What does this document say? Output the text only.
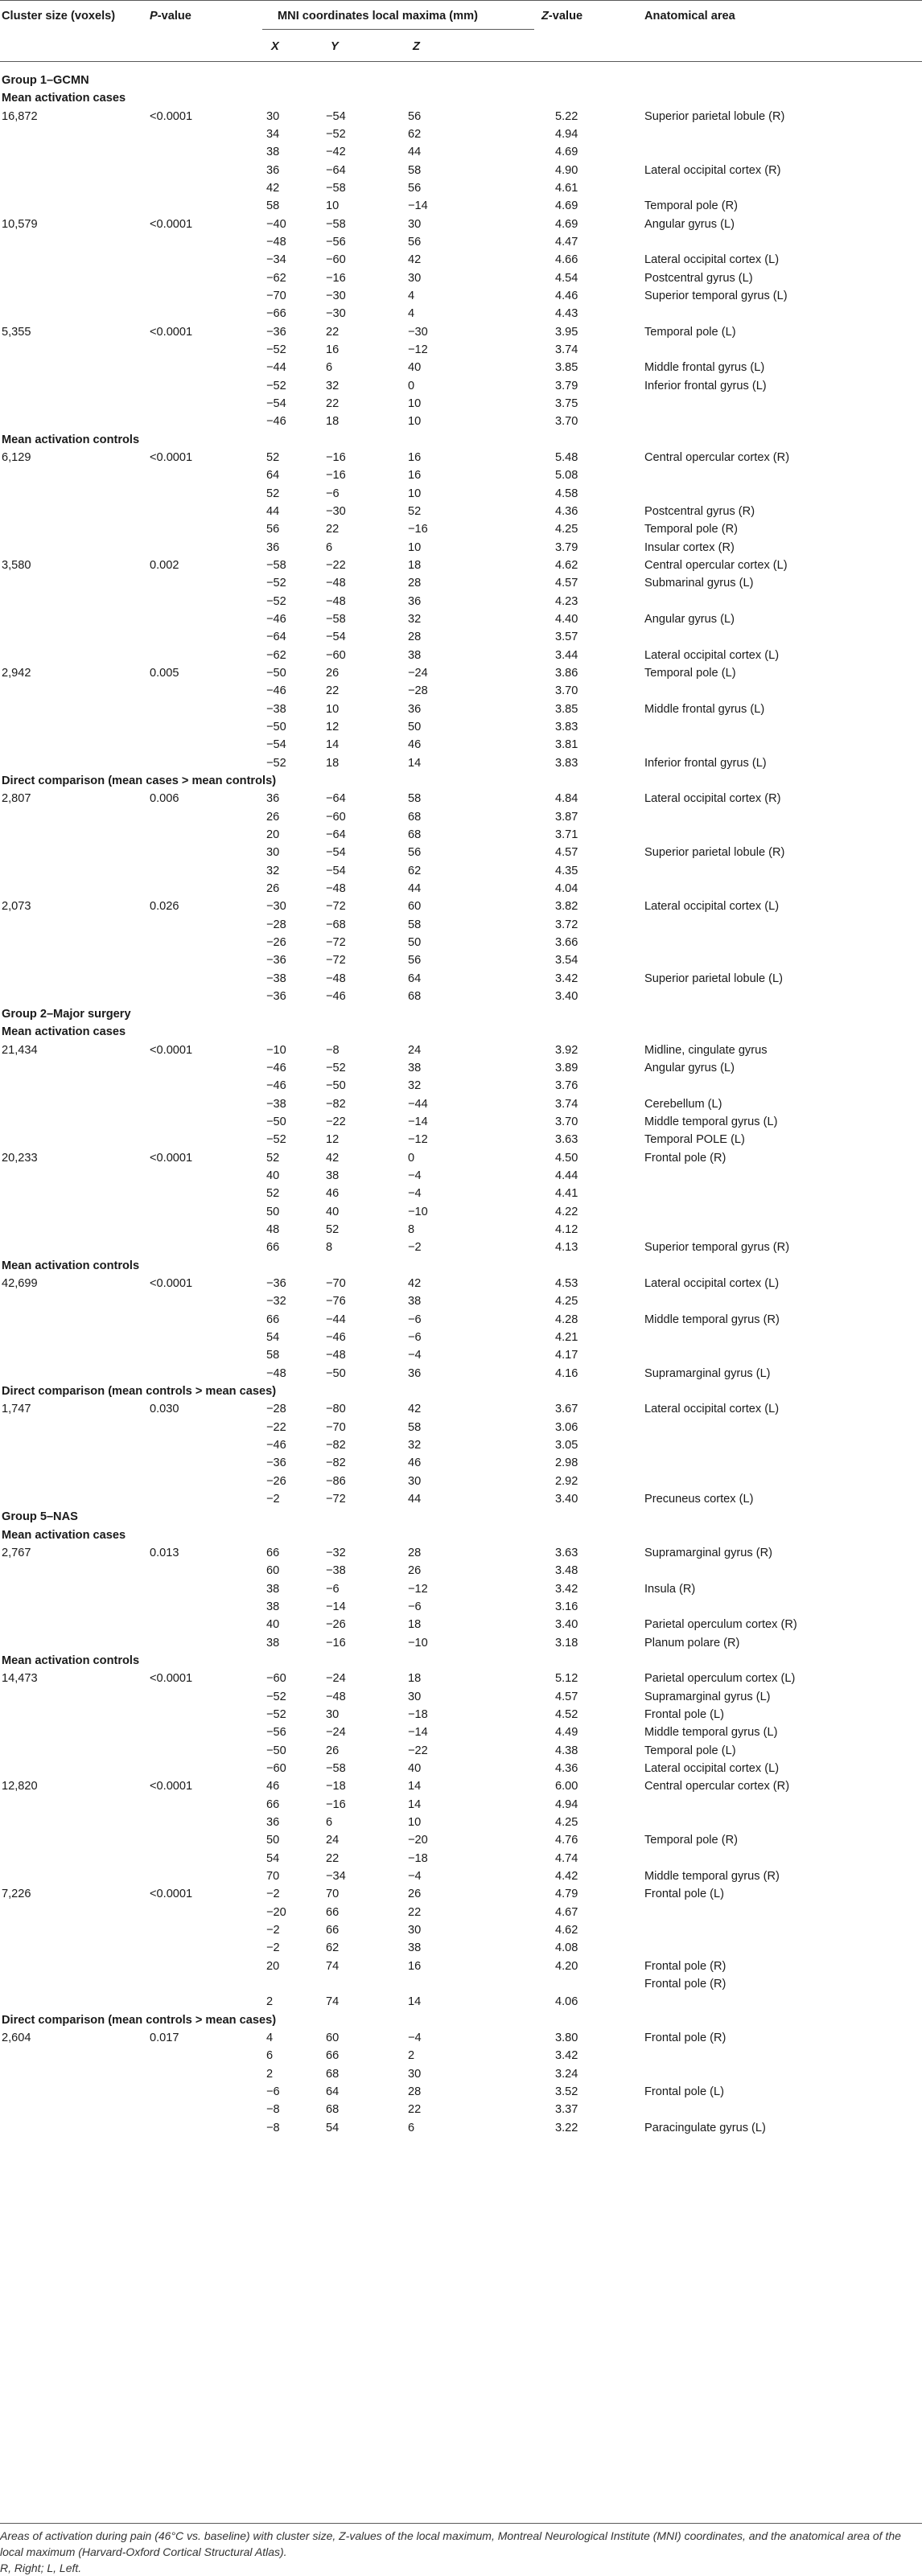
Cluster size (voxels)	P-value	MNI coordinates local maxima (mm)	Z-value	Anatomical area
X	Y	Z
Group 1–GCMN
Mean activation cases
16,872	<0.0001	30	−54	56	5.22	Superior parietal lobule (R)
34	−52	62	4.94
38	−42	44	4.69
36	−64	58	4.90	Lateral occipital cortex (R)
42	−58	56	4.61
58	10	−14	4.69	Temporal pole (R)
10,579	<0.0001	−40	−58	30	4.69	Angular gyrus (L)
−48	−56	56	4.47
−34	−60	42	4.66	Lateral occipital cortex (L)
−62	−16	30	4.54	Postcentral gyrus (L)
−70	−30	4	4.46	Superior temporal gyrus (L)
−66	−30	4	4.43
5,355	<0.0001	−36	22	−30	3.95	Temporal pole (L)
−52	16	−12	3.74
−44	6	40	3.85	Middle frontal gyrus (L)
−52	32	0	3.79	Inferior frontal gyrus (L)
−54	22	10	3.75
−46	18	10	3.70
Mean activation controls
6,129	<0.0001	52	−16	16	5.48	Central opercular cortex (R)
64	−16	16	5.08
52	−6	10	4.58
44	−30	52	4.36	Postcentral gyrus (R)
56	22	−16	4.25	Temporal pole (R)
36	6	10	3.79	Insular cortex (R)
3,580	0.002	−58	−22	18	4.62	Central opercular cortex (L)
−52	−48	28	4.57	Submarinal gyrus (L)
−52	−48	36	4.23
−46	−58	32	4.40	Angular gyrus (L)
−64	−54	28	3.57
−62	−60	38	3.44	Lateral occipital cortex (L)
2,942	0.005	−50	26	−24	3.86	Temporal pole (L)
−46	22	−28	3.70
−38	10	36	3.85	Middle frontal gyrus (L)
−50	12	50	3.83
−54	14	46	3.81
−52	18	14	3.83	Inferior frontal gyrus (L)
Direct comparison (mean cases > mean controls)
2,807	0.006	36	−64	58	4.84	Lateral occipital cortex (R)
26	−60	68	3.87
20	−64	68	3.71
30	−54	56	4.57	Superior parietal lobule (R)
32	−54	62	4.35
26	−48	44	4.04
2,073	0.026	−30	−72	60	3.82	Lateral occipital cortex (L)
−28	−68	58	3.72
−26	−72	50	3.66
−36	−72	56	3.54
−38	−48	64	3.42	Superior parietal lobule (L)
−36	−46	68	3.40
Group 2–Major surgery
Mean activation cases
21,434	<0.0001	−10	−8	24	3.92	Midline, cingulate gyrus
−46	−52	38	3.89	Angular gyrus (L)
−46	−50	32	3.76
−38	−82	−44	3.74	Cerebellum (L)
−50	−22	−14	3.70	Middle temporal gyrus (L)
−52	12	−12	3.63	Temporal POLE (L)
20,233	<0.0001	52	42	0	4.50	Frontal pole (R)
40	38	−4	4.44
52	46	−4	4.41
50	40	−10	4.22
48	52	8	4.12
66	8	−2	4.13	Superior temporal gyrus (R)
Mean activation controls
42,699	<0.0001	−36	−70	42	4.53	Lateral occipital cortex (L)
−32	−76	38	4.25
66	−44	−6	4.28	Middle temporal gyrus (R)
54	−46	−6	4.21
58	−48	−4	4.17
−48	−50	36	4.16	Supramarginal gyrus (L)
Direct comparison (mean controls > mean cases)
1,747	0.030	−28	−80	42	3.67	Lateral occipital cortex (L)
−22	−70	58	3.06
−46	−82	32	3.05
−36	−82	46	2.98
−26	−86	30	2.92
−2	−72	44	3.40	Precuneus cortex (L)
Group 5–NAS
Mean activation cases
2,767	0.013	66	−32	28	3.63	Supramarginal gyrus (R)
60	−38	26	3.48
38	−6	−12	3.42	Insula (R)
38	−14	−6	3.16
40	−26	18	3.40	Parietal operculum cortex (R)
38	−16	−10	3.18	Planum polare (R)
Mean activation controls
14,473	<0.0001	−60	−24	18	5.12	Parietal operculum cortex (L)
−52	−48	30	4.57	Supramarginal gyrus (L)
−52	30	−18	4.52	Frontal pole (L)
−56	−24	−14	4.49	Middle temporal gyrus (L)
−50	26	−22	4.38	Temporal pole (L)
−60	−58	40	4.36	Lateral occipital cortex (L)
12,820	<0.0001	46	−18	14	6.00	Central opercular cortex (R)
66	−16	14	4.94
36	6	10	4.25
50	24	−20	4.76	Temporal pole (R)
54	22	−18	4.74
70	−34	−4	4.42	Middle temporal gyrus (R)
7,226	<0.0001	−2	70	26	4.79	Frontal pole (L)
−20	66	22	4.67
−2	66	30	4.62
−2	62	38	4.08
20	74	16	4.20	Frontal pole (R)
Frontal pole (R)
2	74	14	4.06
Direct comparison (mean controls > mean cases)
2,604	0.017	4	60	−4	3.80	Frontal pole (R)
6	66	2	3.42
2	68	30	3.24
−6	64	28	3.52	Frontal pole (L)
−8	68	22	3.37
−8	54	6	3.22	Paracingulate gyrus (L)
Areas of activation during pain (46°C vs. baseline) with cluster size, Z-values of the local maximum, Montreal Neurological Institute (MNI) coordinates, and the anatomical area of the
local maximum (Harvard-Oxford Cortical Structural Atlas).
R, Right; L, Left.
